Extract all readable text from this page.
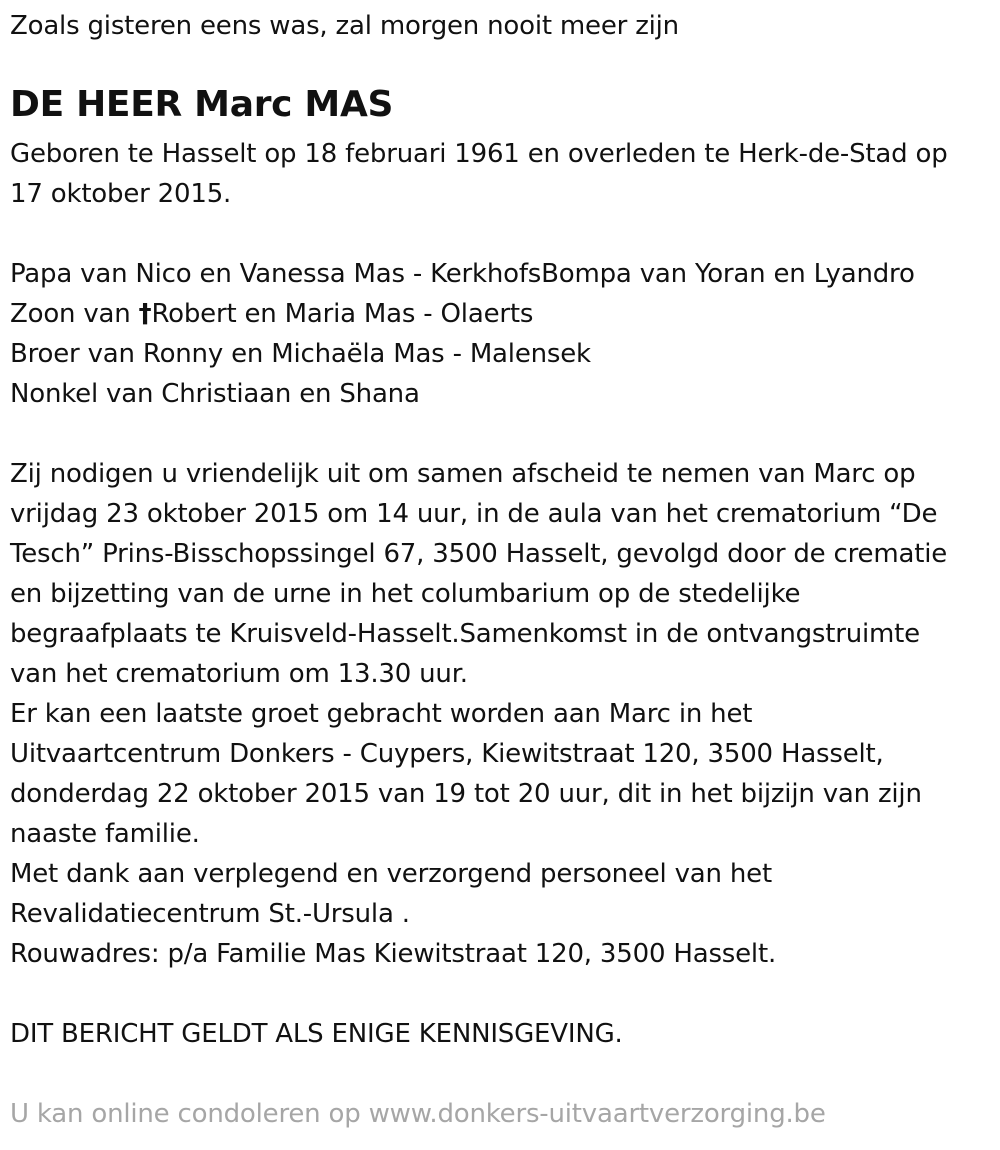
Zoals gisteren eens was, zal morgen nooit meer zijn
DE HEER Marc MAS
Geboren te Hasselt op 18 februari 1961 en overleden te Herk-de-Stad op
17 oktober 2015.
Papa van Nico en Vanessa Mas - KerkhofsBompa van Yoran en Lyandro
Zoon van †Robert en Maria Mas - Olaerts
Broer van Ronny en Michaëla Mas - Malensek
Nonkel van Christiaan en Shana
Zij nodigen u vriendelijk uit om samen afscheid te nemen van Marc op
vrijdag 23 oktober 2015 om 14 uur, in de aula van het crematorium “De
Tesch” Prins-Bisschopssingel 67, 3500 Hasselt, gevolgd door de crematie
en bijzetting van de urne in het columbarium op de stedelijke
begraafplaats te Kruisveld-Hasselt.Samenkomst in de ontvangstruimte
van het crematorium om 13.30 uur.
Er kan een laatste groet gebracht worden aan Marc in het
Uitvaartcentrum Donkers - Cuypers, Kiewitstraat 120, 3500 Hasselt,
donderdag 22 oktober 2015 van 19 tot 20 uur, dit in het bijzijn van zijn
naaste familie.
Met dank aan verplegend en verzorgend personeel van het
Revalidatiecentrum St.-Ursula .
Rouwadres: p/a Familie Mas Kiewitstraat 120, 3500 Hasselt.
DIT BERICHT GELDT ALS ENIGE KENNISGEVING.
U kan online condoleren op www.donkers-uitvaartverzorging.be
